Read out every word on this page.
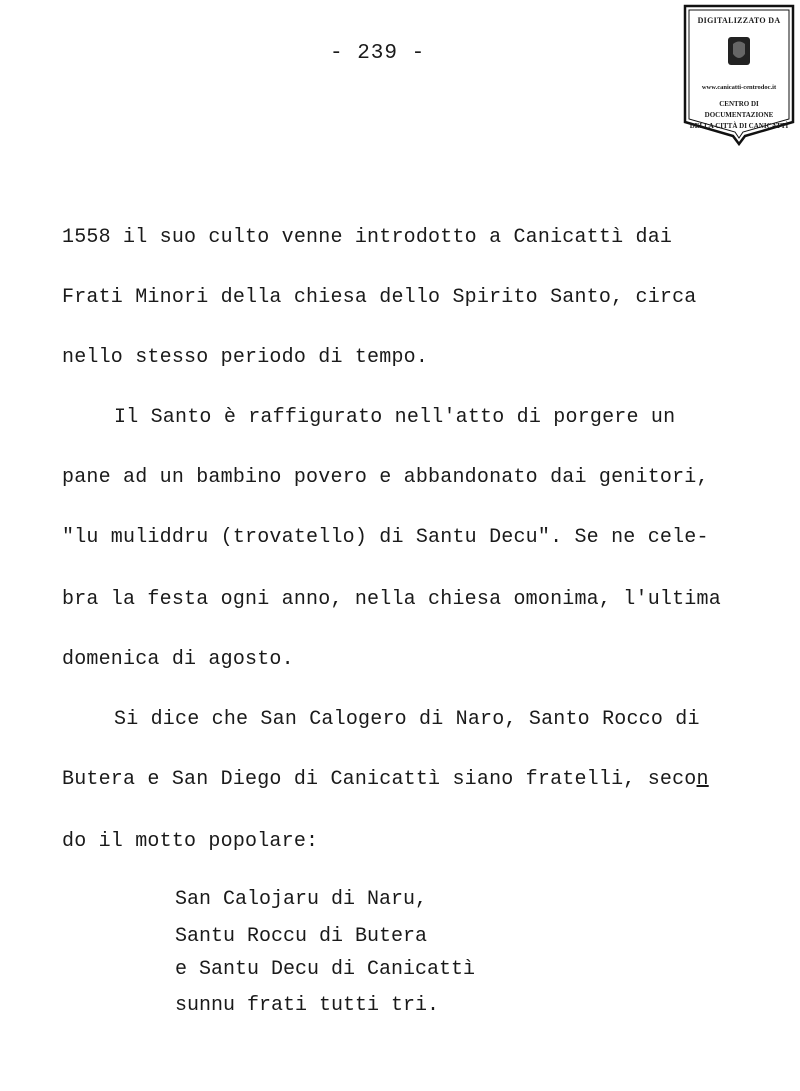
- 239 -
DIGITALIZZATO DA
www.canicatti-centrodoc.it
CENTRO DI DOCUMENTAZIONE
DELLA CITTÀ DI CANICATTÌ
1558 il suo culto venne introdotto a Canicattì dai
Frati Minori della chiesa dello Spirito Santo, circa
nello stesso periodo di tempo.
Il Santo è raffigurato nell'atto di porgere un
pane ad un bambino povero e abbandonato dai genitori,
"lu muliddru (trovatello) di Santu Decu". Se ne cele-
bra la festa ogni anno, nella chiesa omonima, l'ultima
domenica di agosto.
Si dice che San Calogero di Naro, Santo Rocco di
Butera e San Diego di Canicattì siano fratelli, secon
do il motto popolare:
San Calojaru di Naru,
Santu Roccu di Butera
e Santu Decu di Canicattì
sunnu frati tutti tri.
